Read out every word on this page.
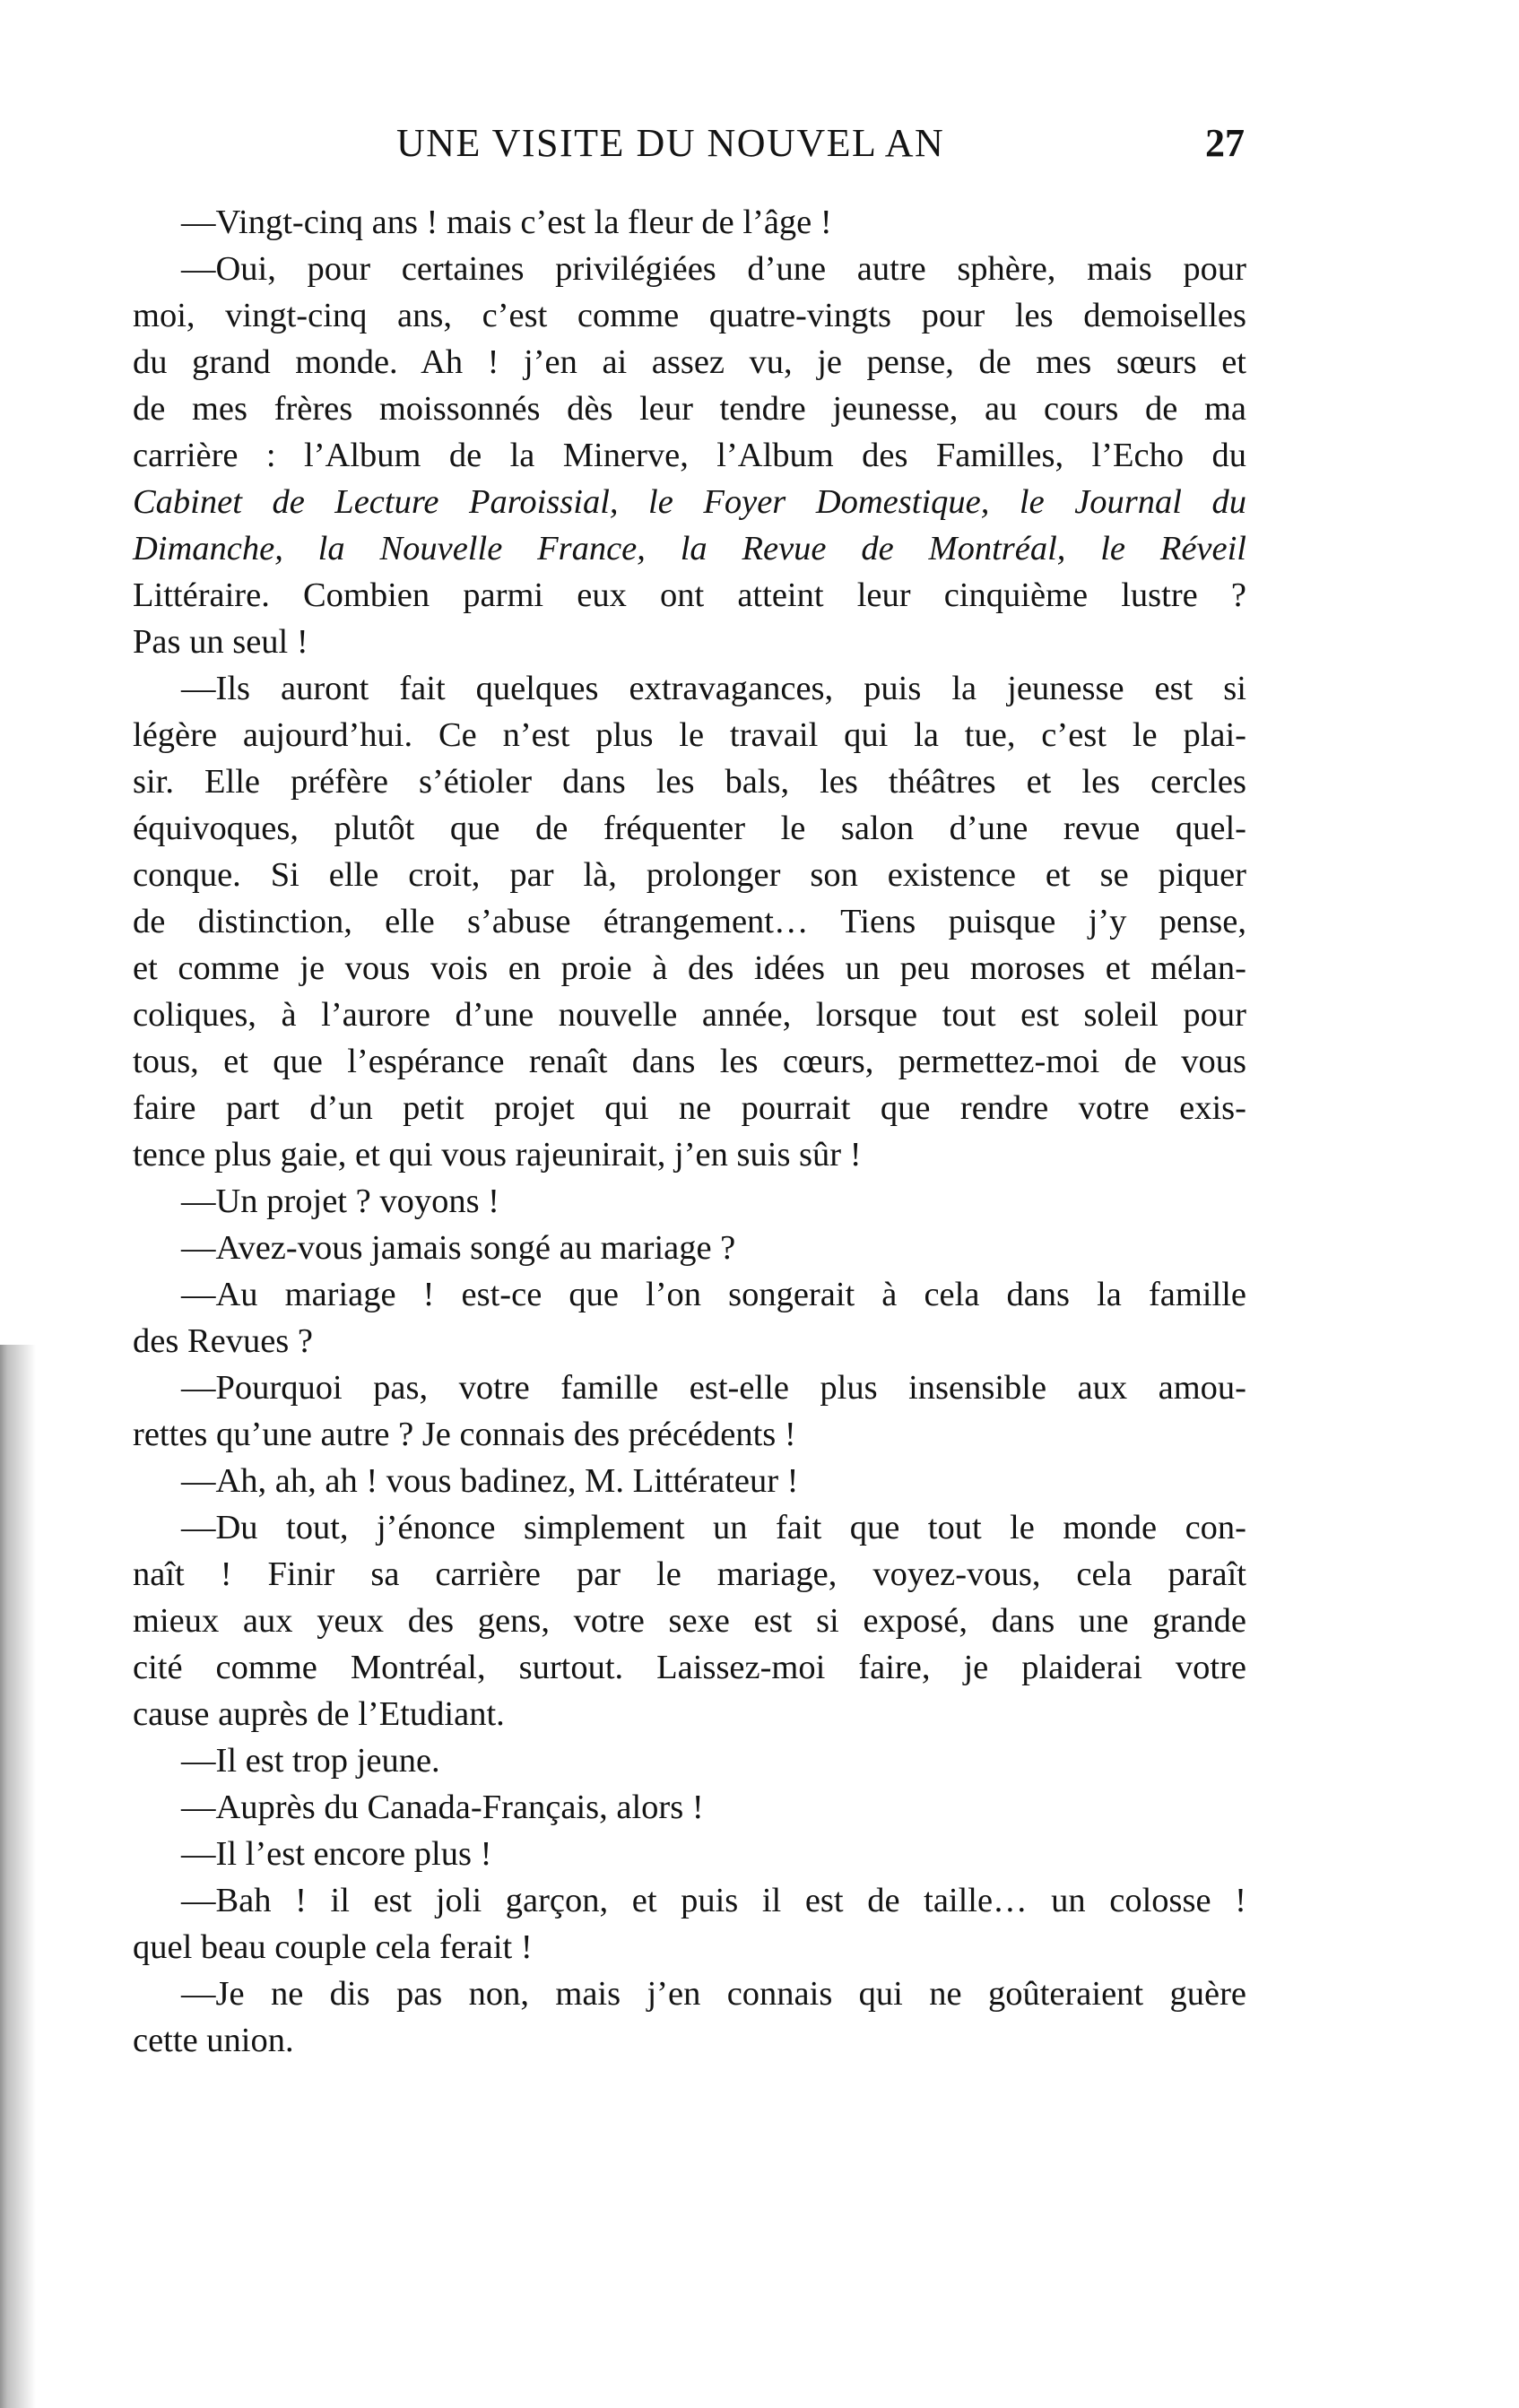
UNE VISITE DU NOUVEL AN	27
—Vingt-cinq ans ! mais c’est la fleur de l’âge !
—Oui, pour certaines privilégiées d’une autre sphère, mais pour
moi, vingt-cinq ans, c’est comme quatre-vingts pour les demoiselles
du grand monde. Ah ! j’en ai assez vu, je pense, de mes sœurs et
de mes frères moissonnés dès leur tendre jeunesse, au cours de ma
carrière : l’Album de la Minerve, l’Album des Familles, l’Echo du
Cabinet de Lecture Paroissial, le Foyer Domestique, le Journal du
Dimanche, la Nouvelle France, la Revue de Montréal, le Réveil
Littéraire. Combien parmi eux ont atteint leur cinquième lustre ?
Pas un seul !
—Ils auront fait quelques extravagances, puis la jeunesse est si
légère aujourd’hui. Ce n’est plus le travail qui la tue, c’est le plai-
sir. Elle préfère s’étioler dans les bals, les théâtres et les cercles
équivoques, plutôt que de fréquenter le salon d’une revue quel-
conque. Si elle croit, par là, prolonger son existence et se piquer
de distinction, elle s’abuse étrangement… Tiens puisque j’y pense,
et comme je vous vois en proie à des idées un peu moroses et mélan-
coliques, à l’aurore d’une nouvelle année, lorsque tout est soleil pour
tous, et que l’espérance renaît dans les cœurs, permettez-moi de vous
faire part d’un petit projet qui ne pourrait que rendre votre exis-
tence plus gaie, et qui vous rajeunirait, j’en suis sûr !
—Un projet ? voyons !
—Avez-vous jamais songé au mariage ?
—Au mariage ! est-ce que l’on songerait à cela dans la famille
des Revues ?
—Pourquoi pas, votre famille est-elle plus insensible aux amou-
rettes qu’une autre ? Je connais des précédents !
—Ah, ah, ah ! vous badinez, M. Littérateur !
—Du tout, j’énonce simplement un fait que tout le monde con-
naît ! Finir sa carrière par le mariage, voyez-vous, cela paraît
mieux aux yeux des gens, votre sexe est si exposé, dans une grande
cité comme Montréal, surtout. Laissez-moi faire, je plaiderai votre
cause auprès de l’Etudiant.
—Il est trop jeune.
—Auprès du Canada-Français, alors !
—Il l’est encore plus !
—Bah ! il est joli garçon, et puis il est de taille… un colosse !
quel beau couple cela ferait !
—Je ne dis pas non, mais j’en connais qui ne goûteraient guère
cette union.
